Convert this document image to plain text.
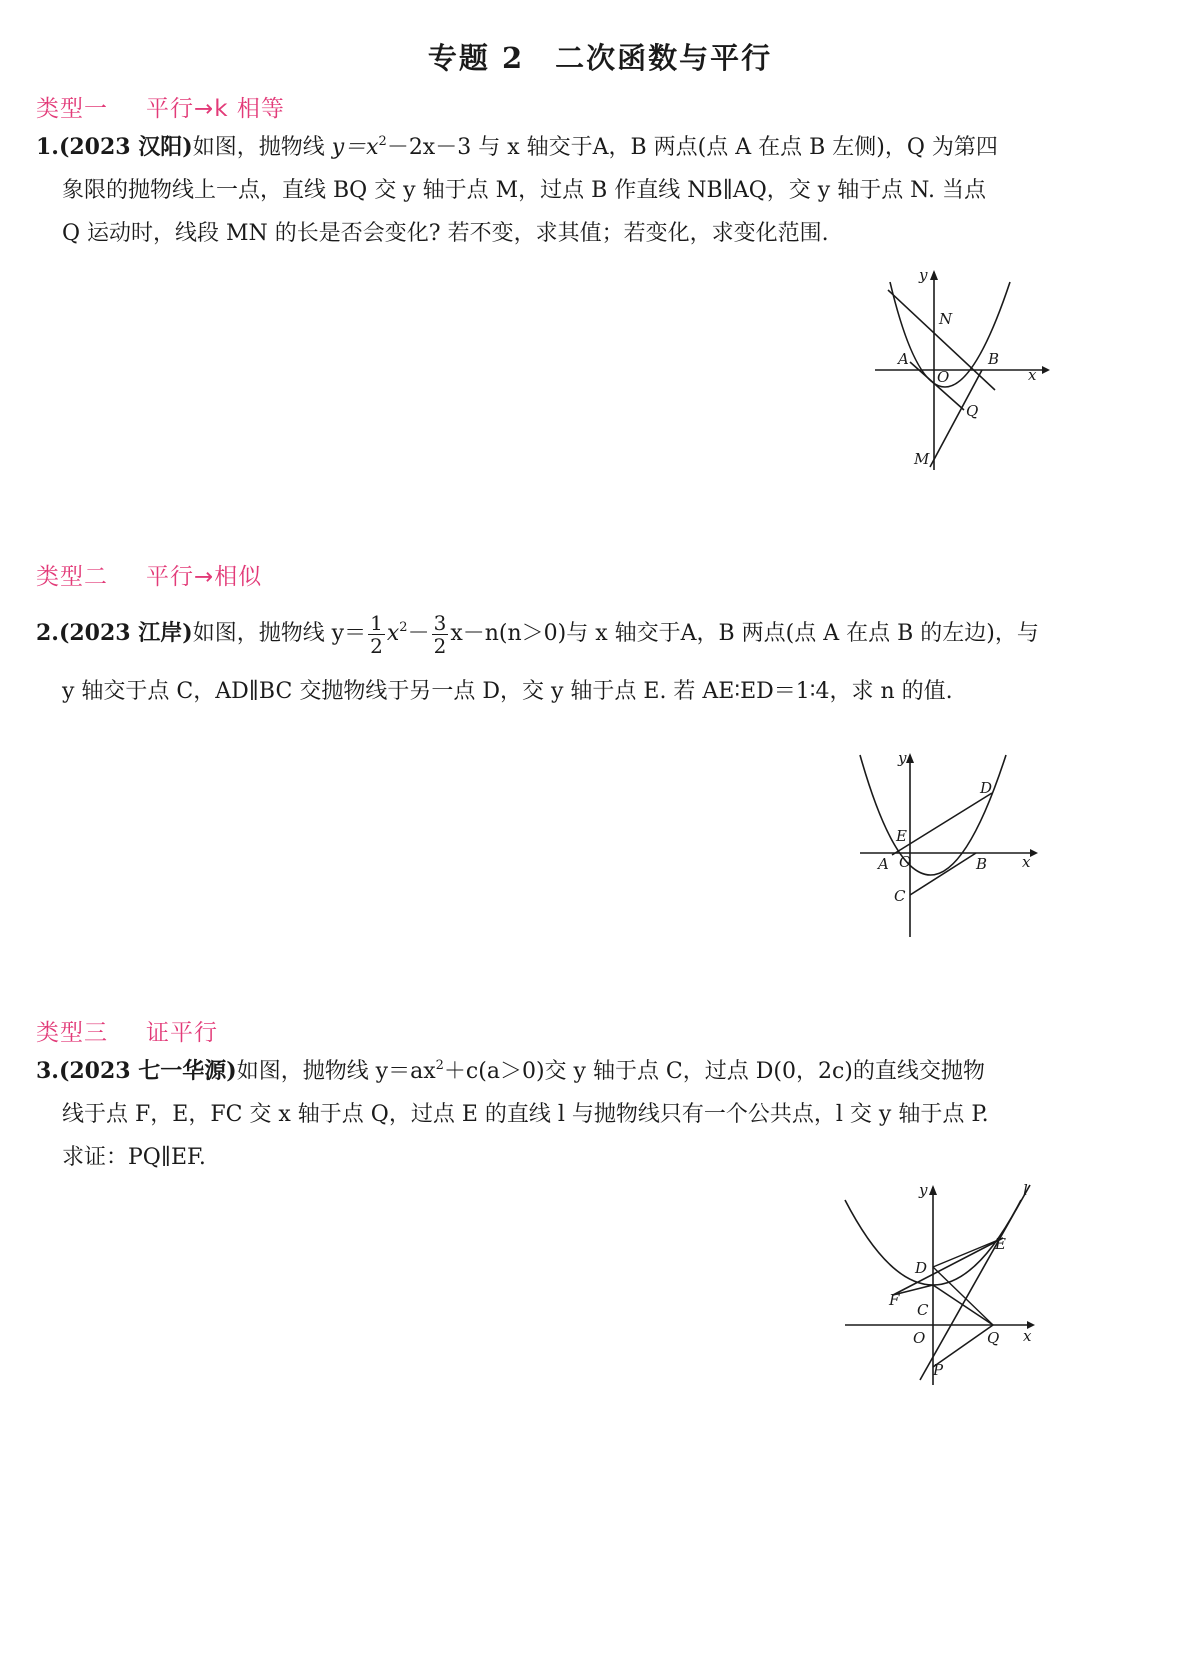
专题 2　二次函数与平行
类型一 平行→k 相等
1.(2023 汉阳)如图，抛物线 $y=x^2-2x-3$ 与 x 轴交于A，B 两点(点 A 在点 B 左侧)，Q 为第四
象限的抛物线上一点，直线 BQ 交 y 轴于点 M，过点 B 作直线 NB∥AQ，交 y 轴于点 N. 当点
Q 运动时，线段 MN 的长是否会变化? 若不变，求其值；若变化，求变化范围.
y
x
N
A
O
B
Q
M
类型二 平行→相似
2.(2023 江岸)如图，抛物线 $y= \frac{1}{2} x^2- \frac{3}{2} x-n(n>0)$与 x 轴交于A，B 两点(点 A 在点 B 的左边)，与
y 轴交于点 C，AD∥BC 交抛物线于另一点 D，交 y 轴于点 E. 若 AE∶ED＝1∶4，求 n 的值.
y
x
D
E
A O	B
C
类型三 证平行
3.(2023 七一华源)如图，抛物线 $y=ax^2+c(a>0)$交 y 轴于点 C，过点 D(0，2c)的直线交抛物
线于点 F，E，FC 交 x 轴于点 Q，过点 E 的直线 l 与抛物线只有一个公共点，l 交 y 轴于点 P.
求证：PQ∥EF.
y
x
l
E
D
F
C
O	Q
P
